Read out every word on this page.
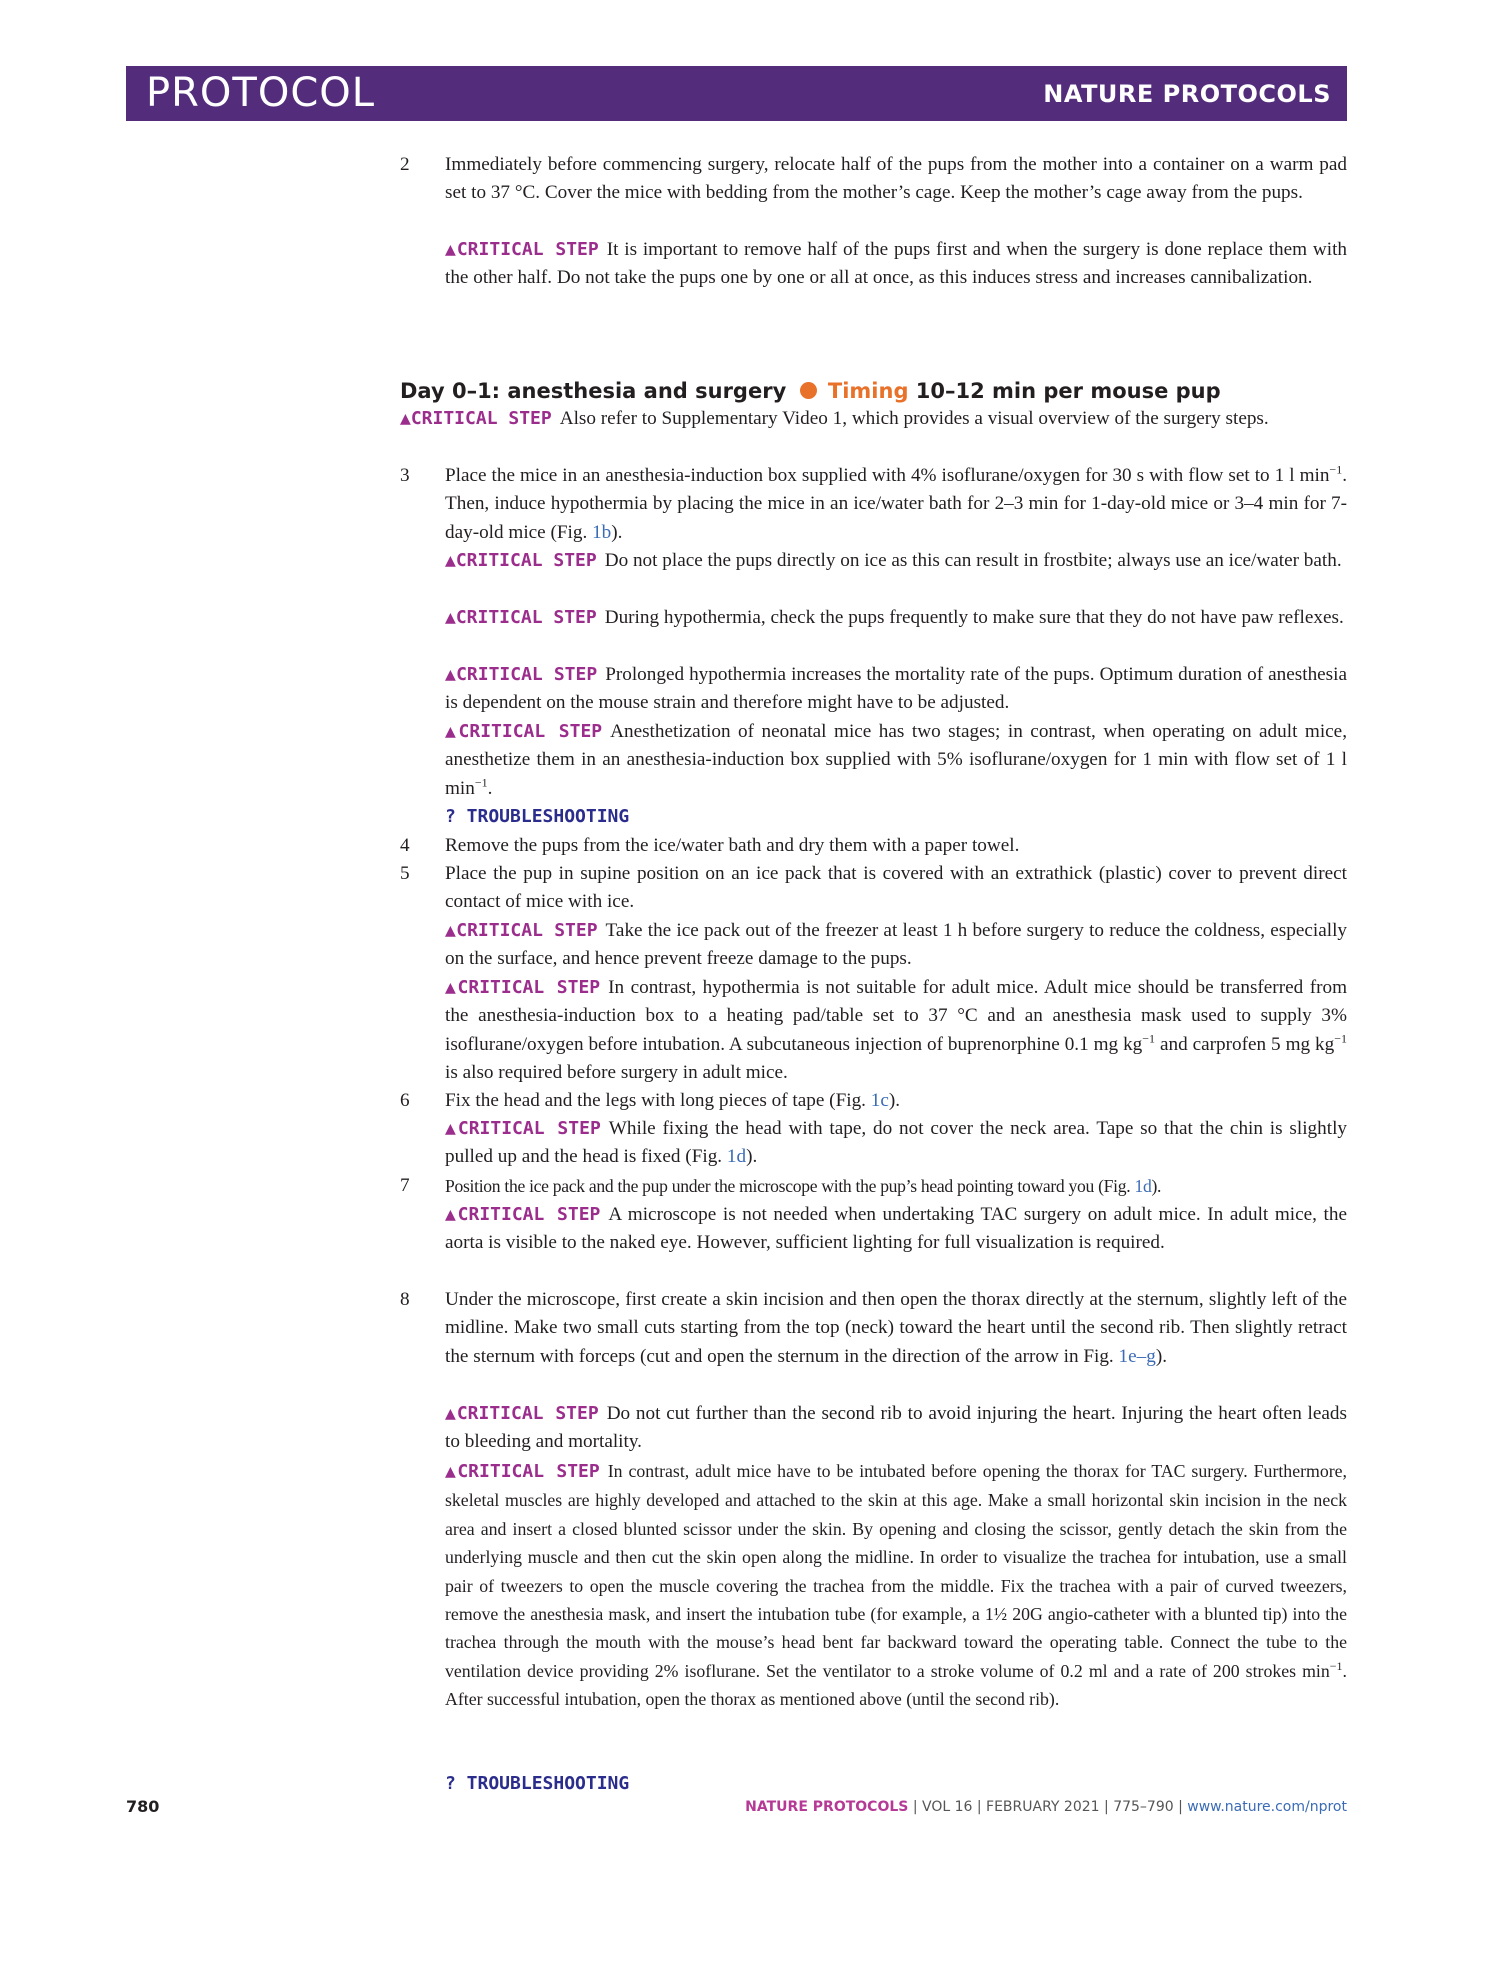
PROTOCOL	NATURE PROTOCOLS
2 Immediately before commencing surgery, relocate half of the pups from the mother into a container on a warm pad set to 37 °C. Cover the mice with bedding from the mother’s cage. Keep the mother’s cage away from the pups.
▲CRITICAL STEP It is important to remove half of the pups first and when the surgery is done replace them with the other half. Do not take the pups one by one or all at once, as this induces stress and increases cannibalization.
Day 0–1: anesthesia and surgery Timing 10–12 min per mouse pup
▲CRITICAL STEP Also refer to Supplementary Video 1, which provides a visual overview of the surgery steps.
3 Place the mice in an anesthesia-induction box supplied with 4% isoflurane/oxygen for 30 s with flow set to 1 l $\min^{-1}$. Then, induce hypothermia by placing the mice in an ice/water bath for 2–3 min for 1-day-old mice or 3–4 min for 7-day-old mice (Fig. 1b).
▲CRITICAL STEP Do not place the pups directly on ice as this can result in frostbite; always use an ice/water bath.
▲CRITICAL STEP During hypothermia, check the pups frequently to make sure that they do not have paw reflexes.
▲CRITICAL STEP Prolonged hypothermia increases the mortality rate of the pups. Optimum duration of anesthesia is dependent on the mouse strain and therefore might have to be adjusted.
▲CRITICAL STEP Anesthetization of neonatal mice has two stages; in contrast, when operating on adult mice, anesthetize them in an anesthesia-induction box supplied with 5% isoflurane/oxygen for 1 min with flow set of 1 l $\min^{-1}$.
? TROUBLESHOOTING
4 Remove the pups from the ice/water bath and dry them with a paper towel.
5 Place the pup in supine position on an ice pack that is covered with an extrathick (plastic) cover to prevent direct contact of mice with ice.
▲CRITICAL STEP Take the ice pack out of the freezer at least 1 h before surgery to reduce the coldness, especially on the surface, and hence prevent freeze damage to the pups.
▲CRITICAL STEP In contrast, hypothermia is not suitable for adult mice. Adult mice should be transferred from the anesthesia-induction box to a heating pad/table set to 37 °C and an anesthesia mask used to supply 3% isoflurane/oxygen before intubation. A subcutaneous injection of buprenorphine 0.1 mg $kg^{-1}$ and carprofen 5 mg $kg^{-1}$ is also required before surgery in adult mice.
6 Fix the head and the legs with long pieces of tape (Fig. 1c).
▲CRITICAL STEP While fixing the head with tape, do not cover the neck area. Tape so that the chin is slightly pulled up and the head is fixed (Fig. 1d).
7 Position the ice pack and the pup under the microscope with the pup’s head pointing toward you (Fig. 1d).
▲CRITICAL STEP A microscope is not needed when undertaking TAC surgery on adult mice. In adult mice, the aorta is visible to the naked eye. However, sufficient lighting for full visualization is required.
8 Under the microscope, first create a skin incision and then open the thorax directly at the sternum, slightly left of the midline. Make two small cuts starting from the top (neck) toward the heart until the second rib. Then slightly retract the sternum with forceps (cut and open the sternum in the direction of the arrow in Fig. 1e–g).
▲CRITICAL STEP Do not cut further than the second rib to avoid injuring the heart. Injuring the heart often leads to bleeding and mortality.
▲CRITICAL STEP In contrast, adult mice have to be intubated before opening the thorax for TAC surgery. Furthermore, skeletal muscles are highly developed and attached to the skin at this age. Make a small horizontal skin incision in the neck area and insert a closed blunted scissor under the skin. By opening and closing the scissor, gently detach the skin from the underlying muscle and then cut the skin open along the midline. In order to visualize the trachea for intubation, use a small pair of tweezers to open the muscle covering the trachea from the middle. Fix the trachea with a pair of curved tweezers, remove the anesthesia mask, and insert the intubation tube (for example, a 1½ 20G angio-catheter with a blunted tip) into the trachea through the mouth with the mouse’s head bent far backward toward the operating table. Connect the tube to the ventilation device providing 2% isoflurane. Set the ventilator to a stroke volume of 0.2 ml and a rate of 200 strokes $\min^{-1}$. After successful intubation, open the thorax as mentioned above (until the second rib).
? TROUBLESHOOTING
780	NATURE PROTOCOLS | VOL 16 | FEBRUARY 2021 | 775–790 | www.nature.com/nprot
